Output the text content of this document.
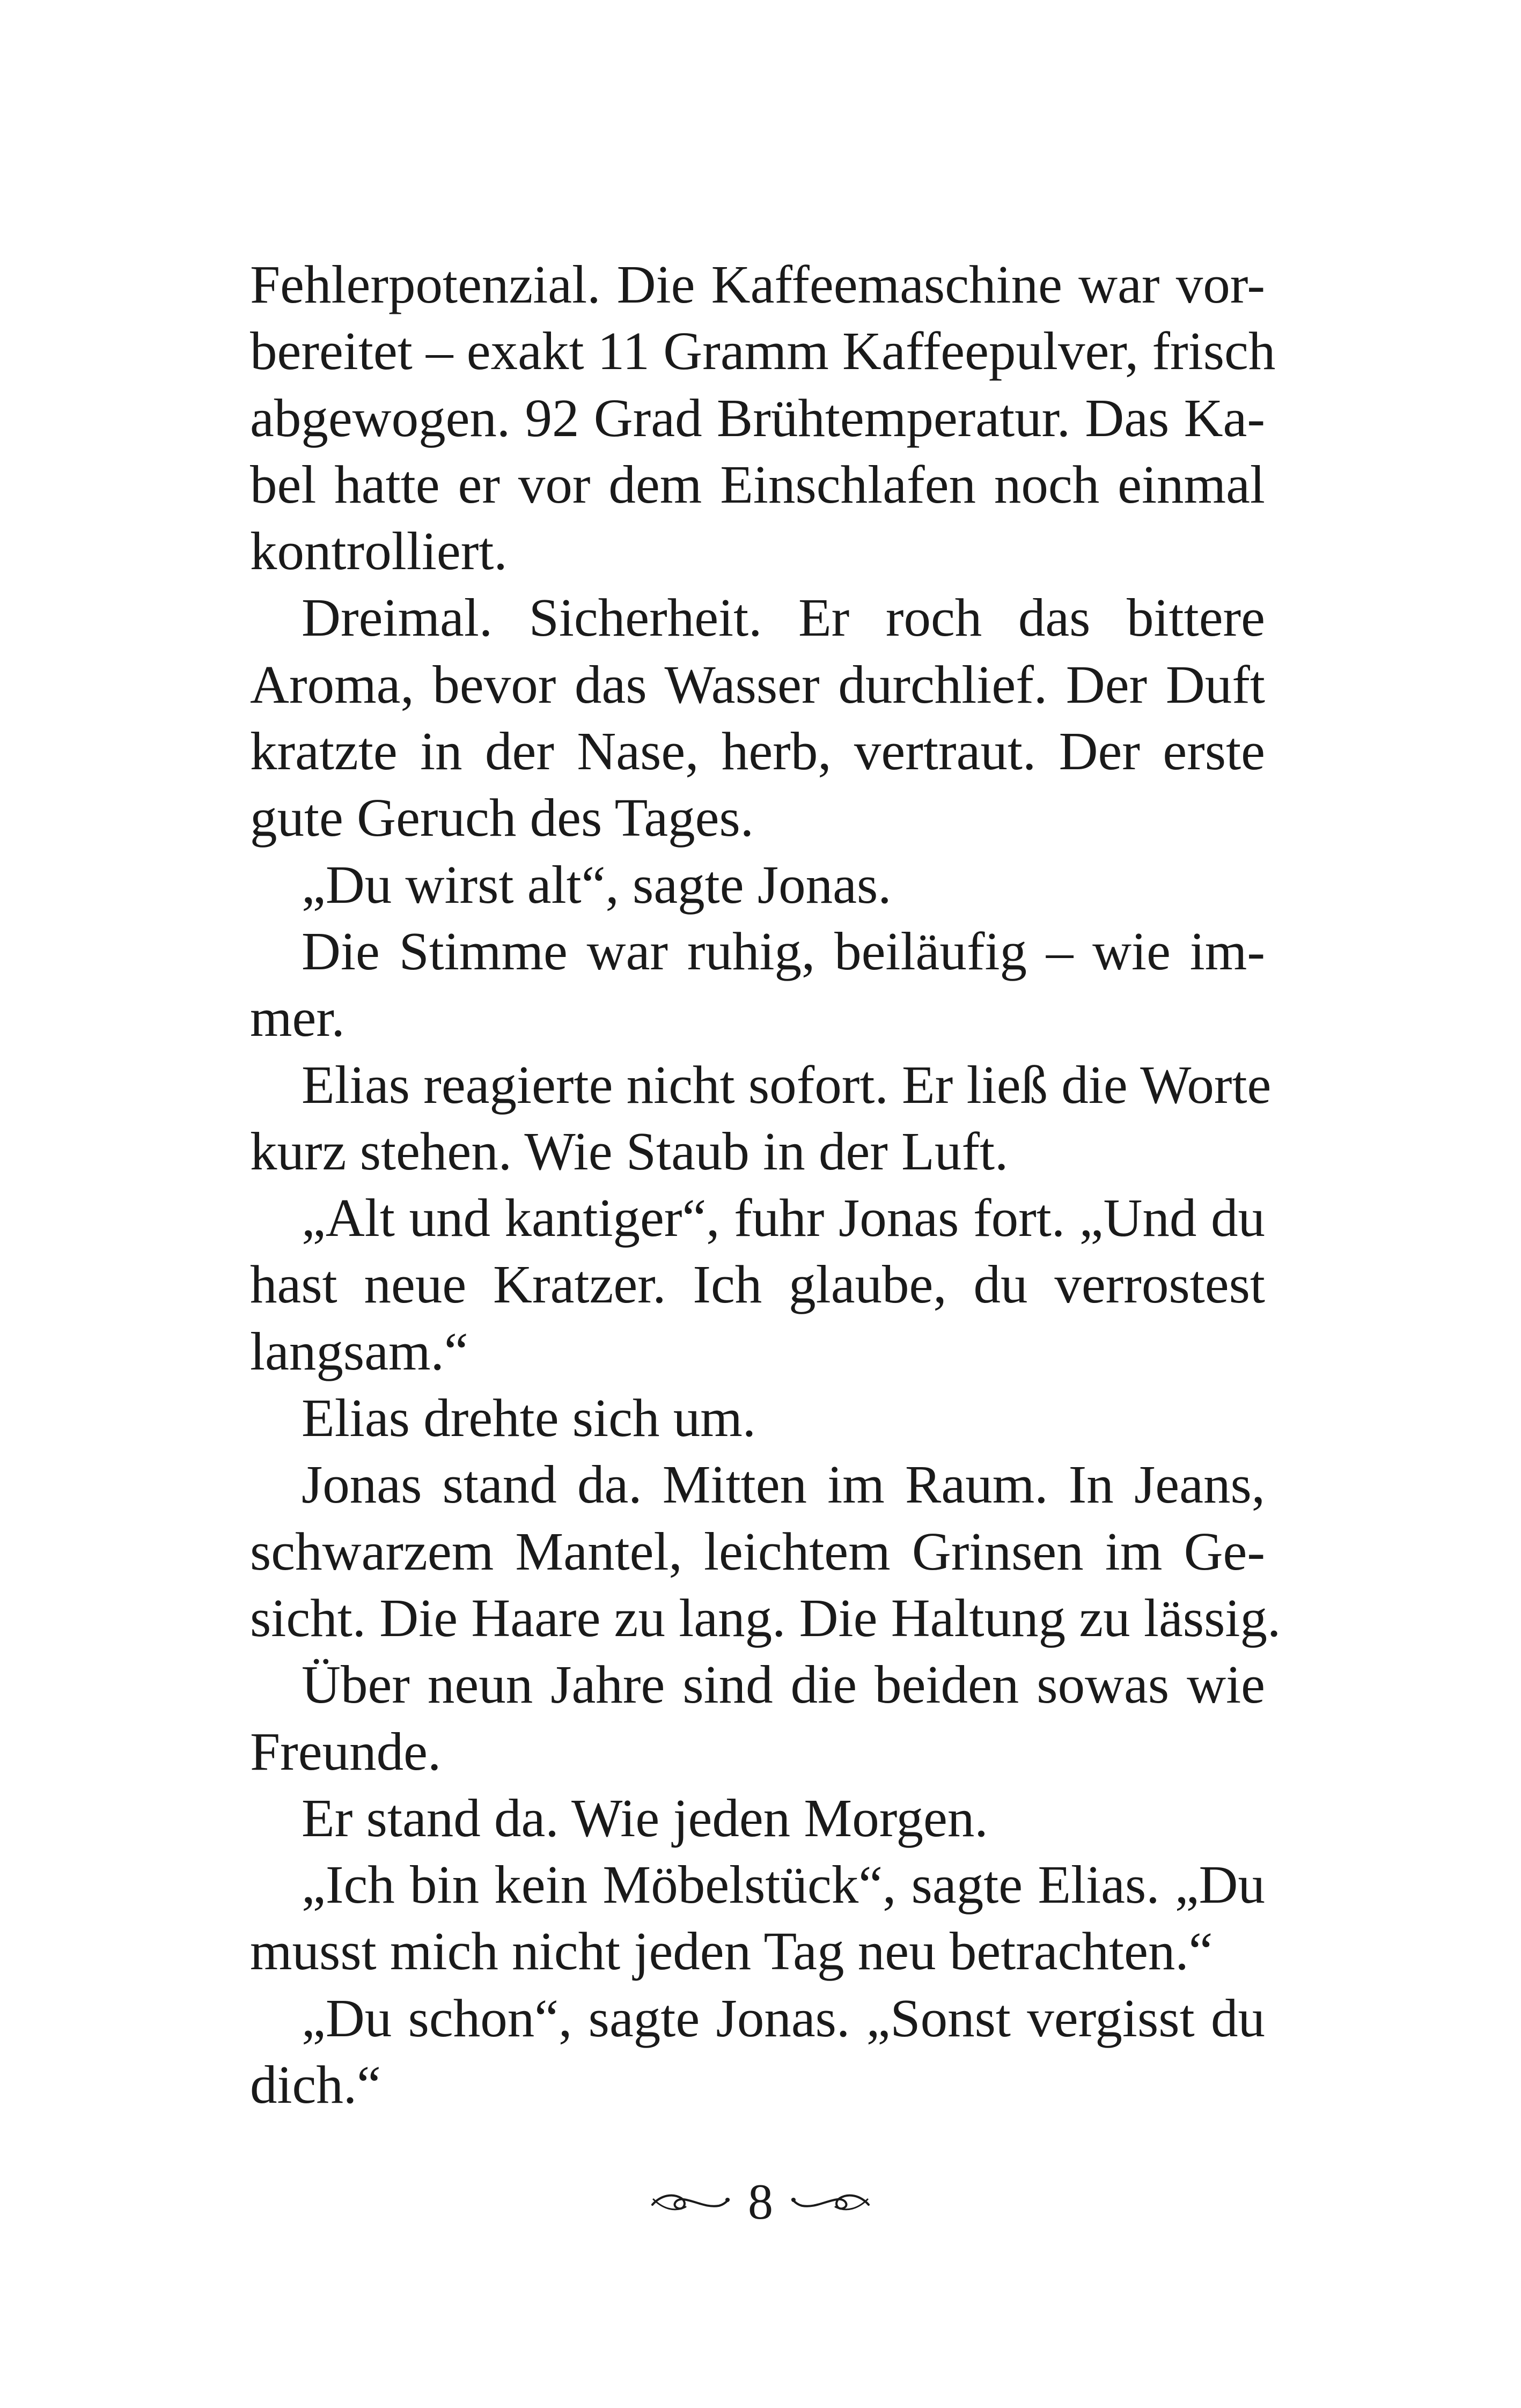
Fehlerpotenzial. Die Kaffeemaschine war vor-
bereitet – exakt 11 Gramm Kaffeepulver, frisch
abgewogen. 92 Grad Brühtemperatur. Das Ka-
bel hatte er vor dem Einschlafen noch einmal
kontrolliert.
Dreimal. Sicherheit. Er roch das bittere
Aroma, bevor das Wasser durchlief. Der Duft
kratzte in der Nase, herb, vertraut. Der erste
gute Geruch des Tages.
„Du wirst alt“, sagte Jonas.
Die Stimme war ruhig, beiläufig – wie im-
mer.
Elias reagierte nicht sofort. Er ließ die Worte
kurz stehen. Wie Staub in der Luft.
„Alt und kantiger“, fuhr Jonas fort. „Und du
hast neue Kratzer. Ich glaube, du verrostest
langsam.“
Elias drehte sich um.
Jonas stand da. Mitten im Raum. In Jeans,
schwarzem Mantel, leichtem Grinsen im Ge-
sicht. Die Haare zu lang. Die Haltung zu lässig.
Über neun Jahre sind die beiden sowas wie
Freunde.
Er stand da. Wie jeden Morgen.
„Ich bin kein Möbelstück“, sagte Elias. „Du
musst mich nicht jeden Tag neu betrachten.“
„Du schon“, sagte Jonas. „Sonst vergisst du
dich.“
8
